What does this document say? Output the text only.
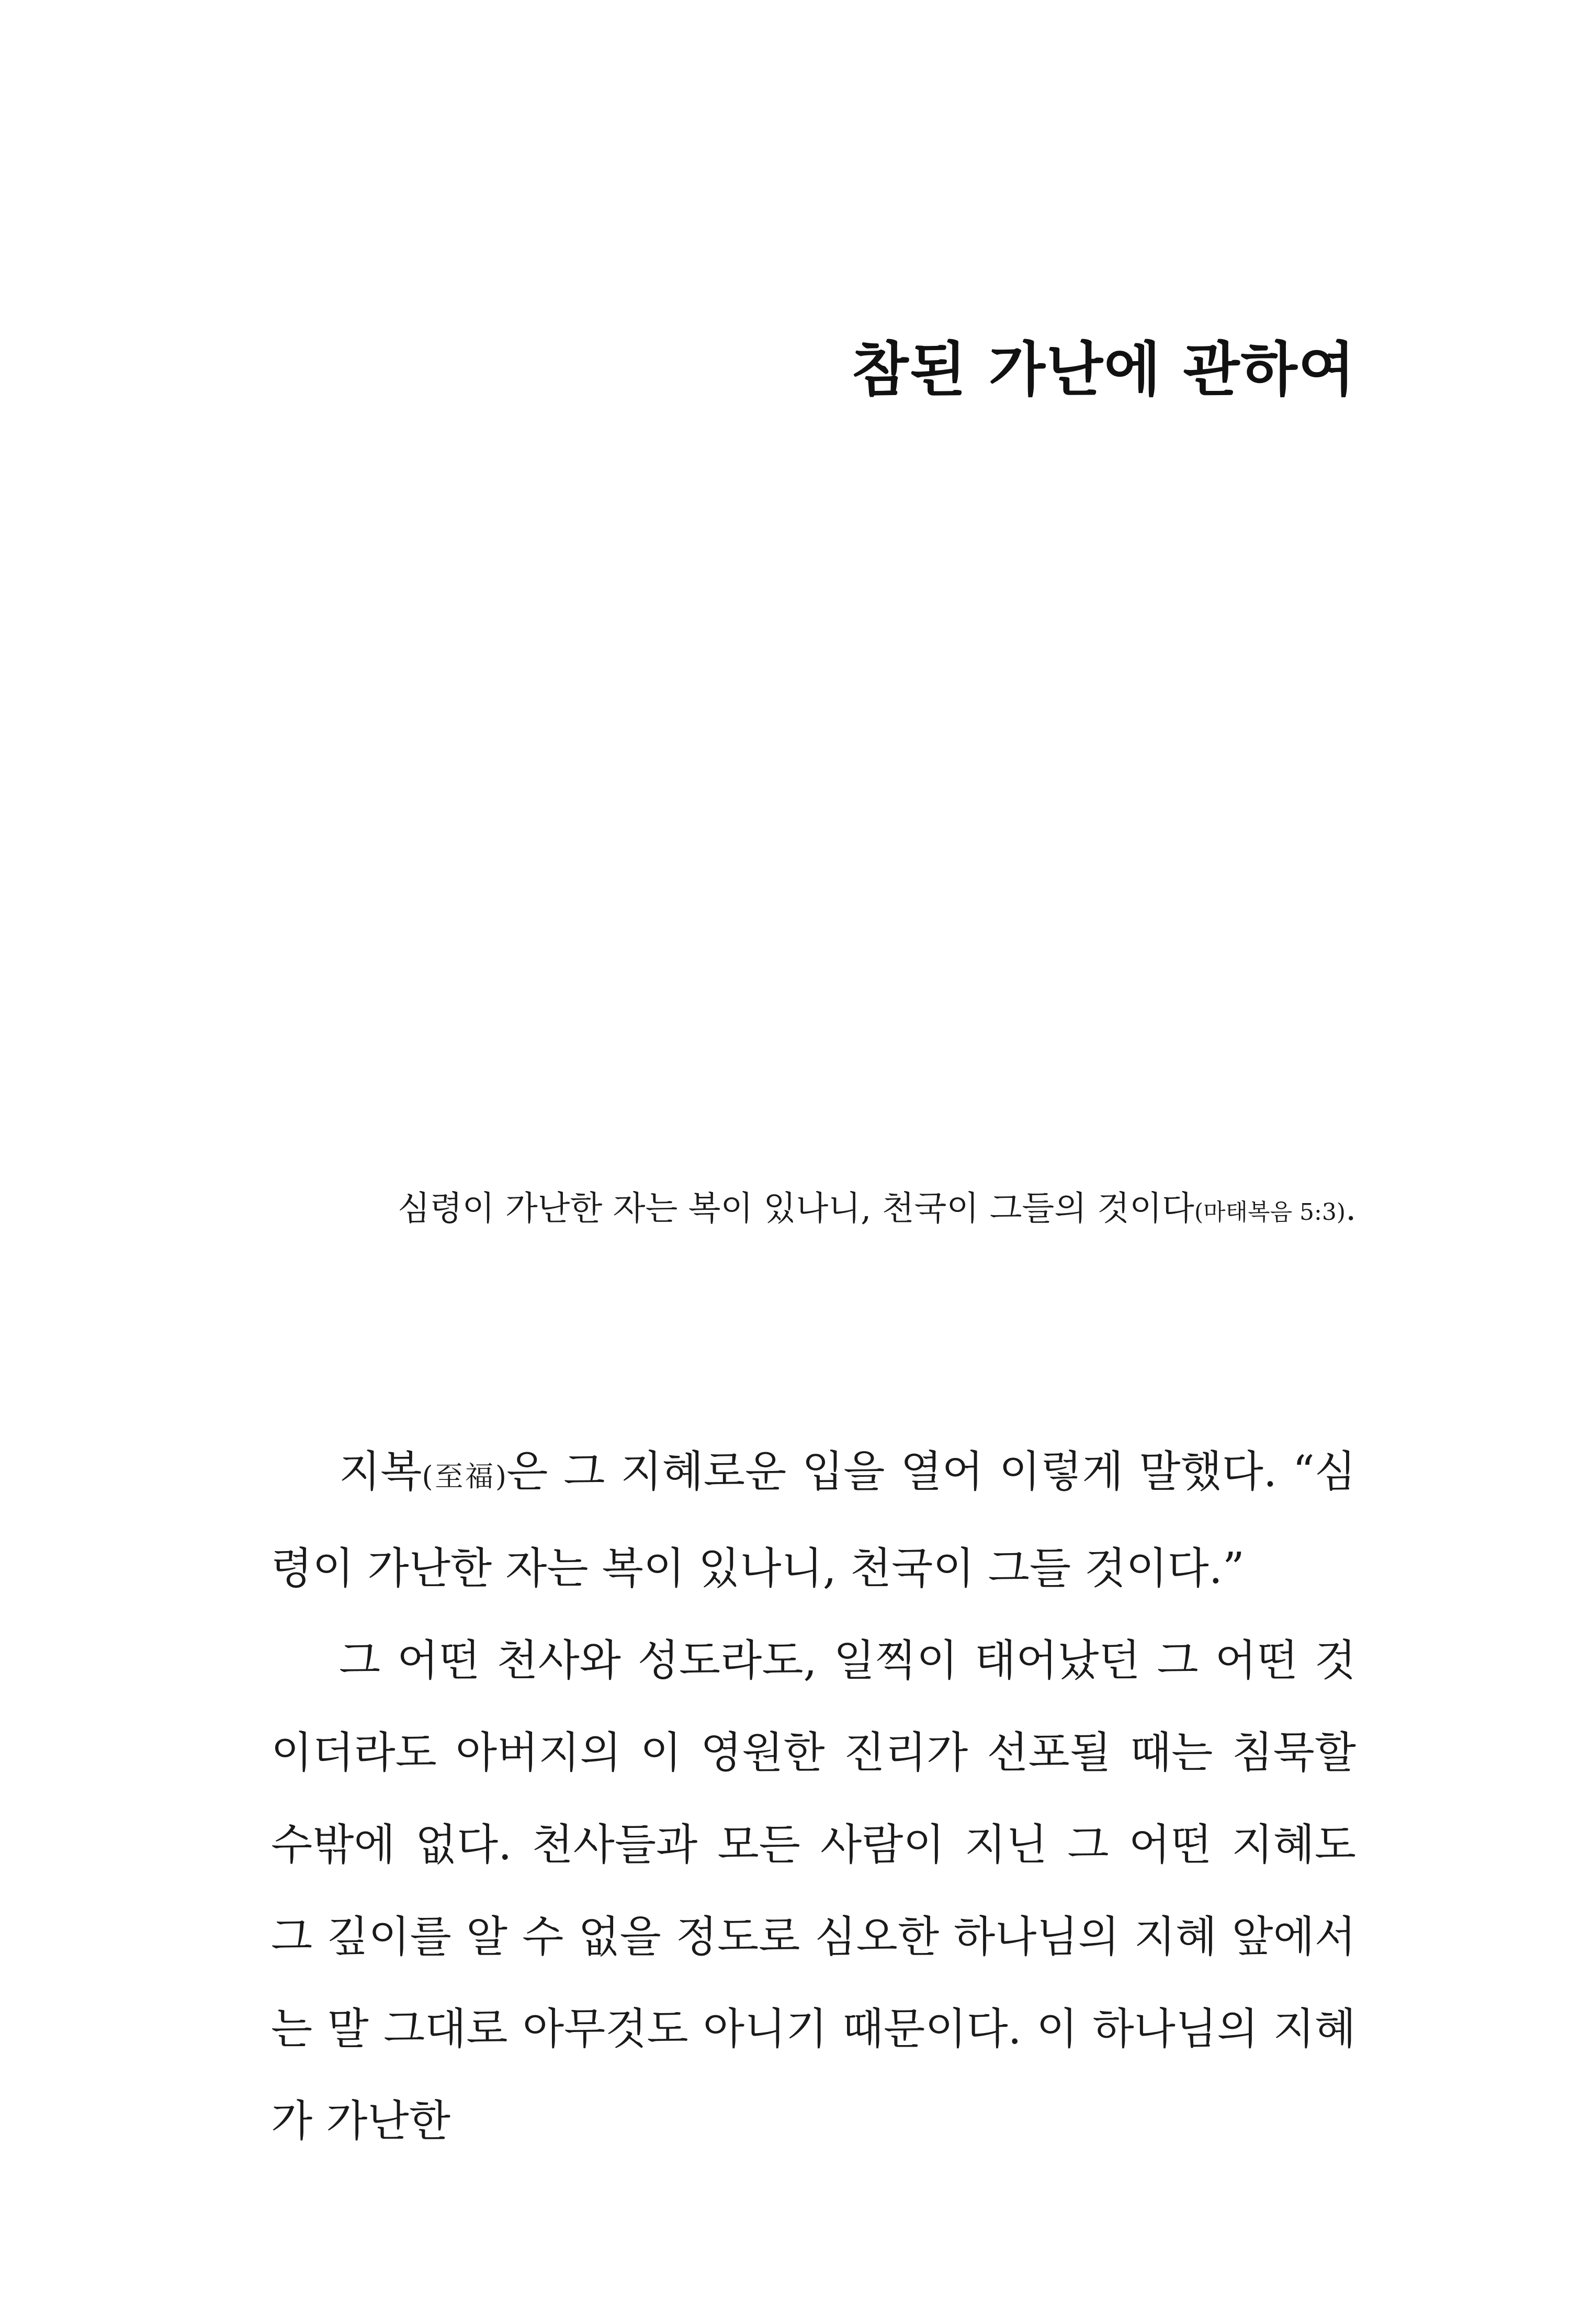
참된 가난에 관하여

심령이 가난한 자는 복이 있나니, 천국이 그들의 것이다(마태복음 5:3).

지복(至福)은 그 지혜로운 입을 열어 이렇게 말했다. “심령이 가난한 자는 복이 있나니, 천국이 그들 것이다.”

그 어떤 천사와 성도라도, 일찍이 태어났던 그 어떤 것이더라도 아버지의 이 영원한 진리가 선포될 때는 침묵할 수밖에 없다. 천사들과 모든 사람이 지닌 그 어떤 지혜도 그 깊이를 알 수 없을 정도로 심오한 하나님의 지혜 앞에서는 말 그대로 아무것도 아니기 때문이다. 이 하나님의 지혜가 가난한
